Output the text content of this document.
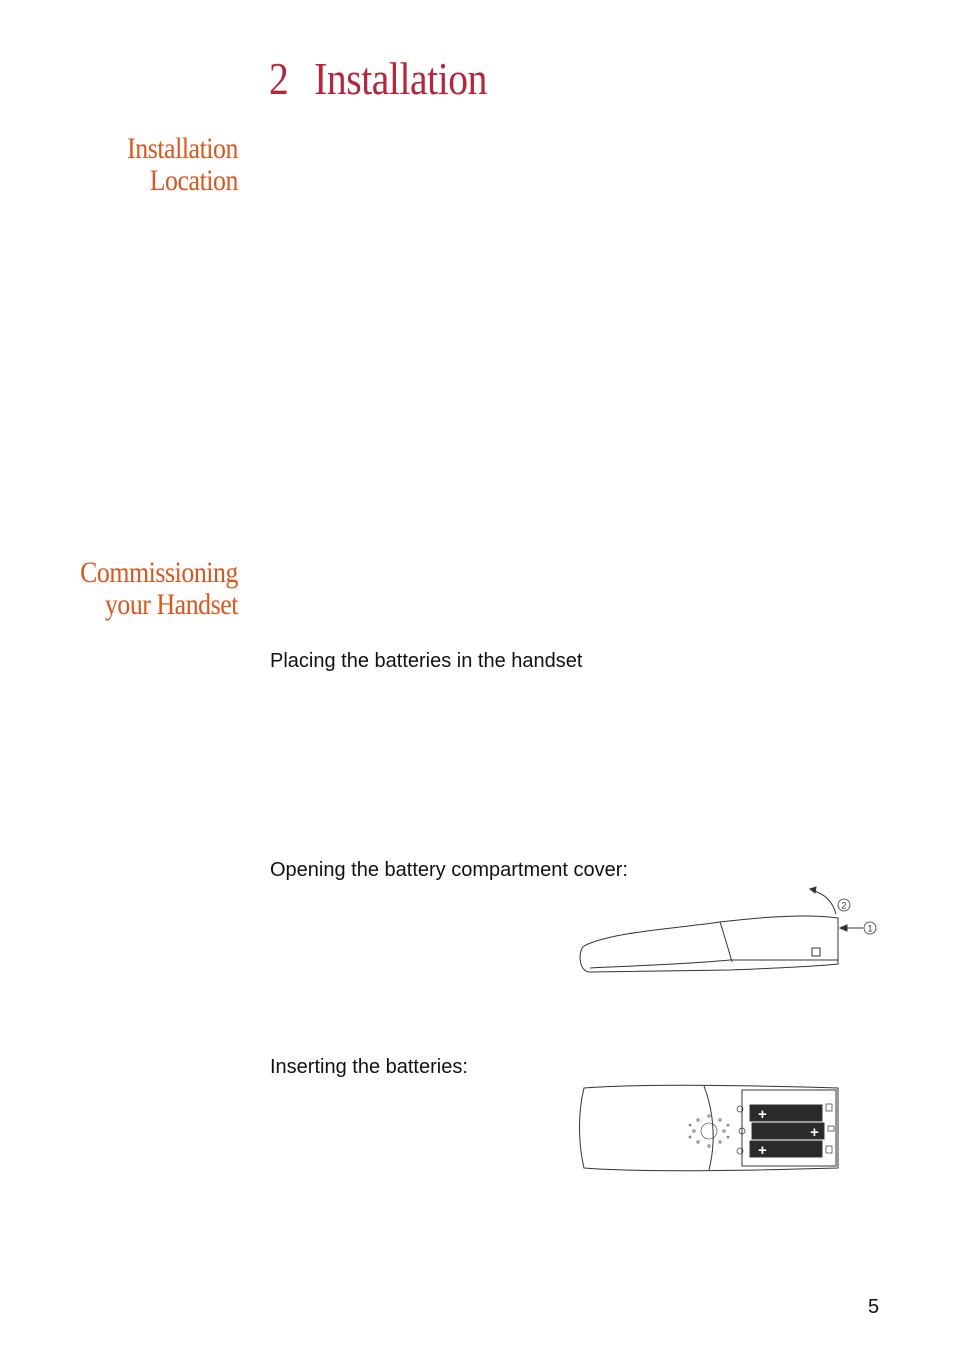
2 Installation
Installation
Location
Commissioning
your Handset
Placing the batteries in the handset
Opening the battery compartment cover:
Inserting the batteries:
1
2
+
+
+
5
